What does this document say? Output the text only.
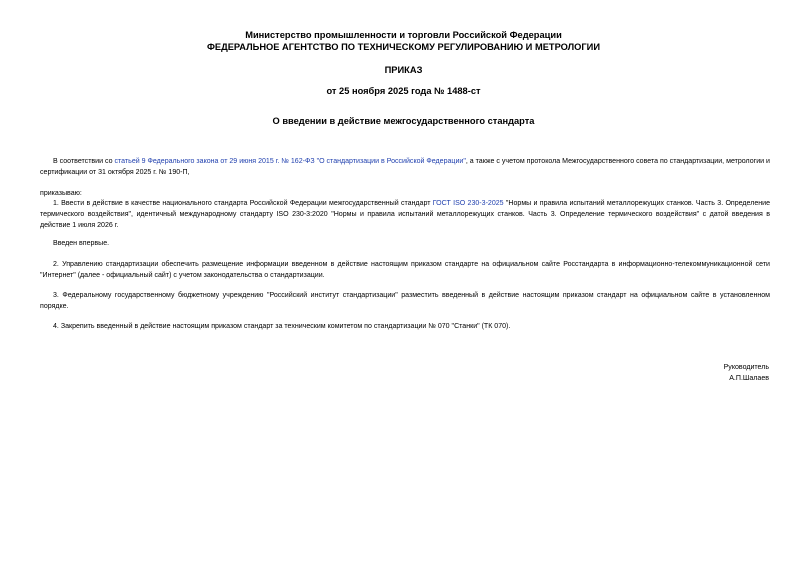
Министерство промышленности и торговли Российской Федерации
ФЕДЕРАЛЬНОЕ АГЕНТСТВО ПО ТЕХНИЧЕСКОМУ РЕГУЛИРОВАНИЮ И МЕТРОЛОГИИ
ПРИКАЗ
от 25 ноября 2025 года № 1488-ст
О введении в действие межгосударственного стандарта
В соответствии со статьей 9 Федерального закона от 29 июня 2015 г. № 162-ФЗ "О стандартизации в Российской Федерации", а также с учетом протокола Межгосударственного совета по стандартизации, метрологии и сертификации от 31 октября 2025 г. № 190-П,
приказываю:
1. Ввести в действие в качестве национального стандарта Российской Федерации межгосударственный стандарт ГОСТ ISO 230-3-2025 "Нормы и правила испытаний металлорежущих станков. Часть 3. Определение термического воздействия", идентичный международному стандарту ISO 230-3:2020 "Нормы и правила испытаний металлорежущих станков. Часть 3. Определение термического воздействия" с датой введения в действие 1 июля 2026 г.
Введен впервые.
2. Управлению стандартизации обеспечить размещение информации введенном в действие настоящим приказом стандарте на официальном сайте Росстандарта в информационно-телекоммуникационной сети "Интернет" (далее - официальный сайт) с учетом законодательства о стандартизации.
3. Федеральному государственному бюджетному учреждению "Российский институт стандартизации" разместить введенный в действие настоящим приказом стандарт на официальном сайте в установленном порядке.
4. Закрепить введенный в действие настоящим приказом стандарт за техническим комитетом по стандартизации № 070 "Станки" (ТК 070).
Руководитель
А.П.Шалаев
